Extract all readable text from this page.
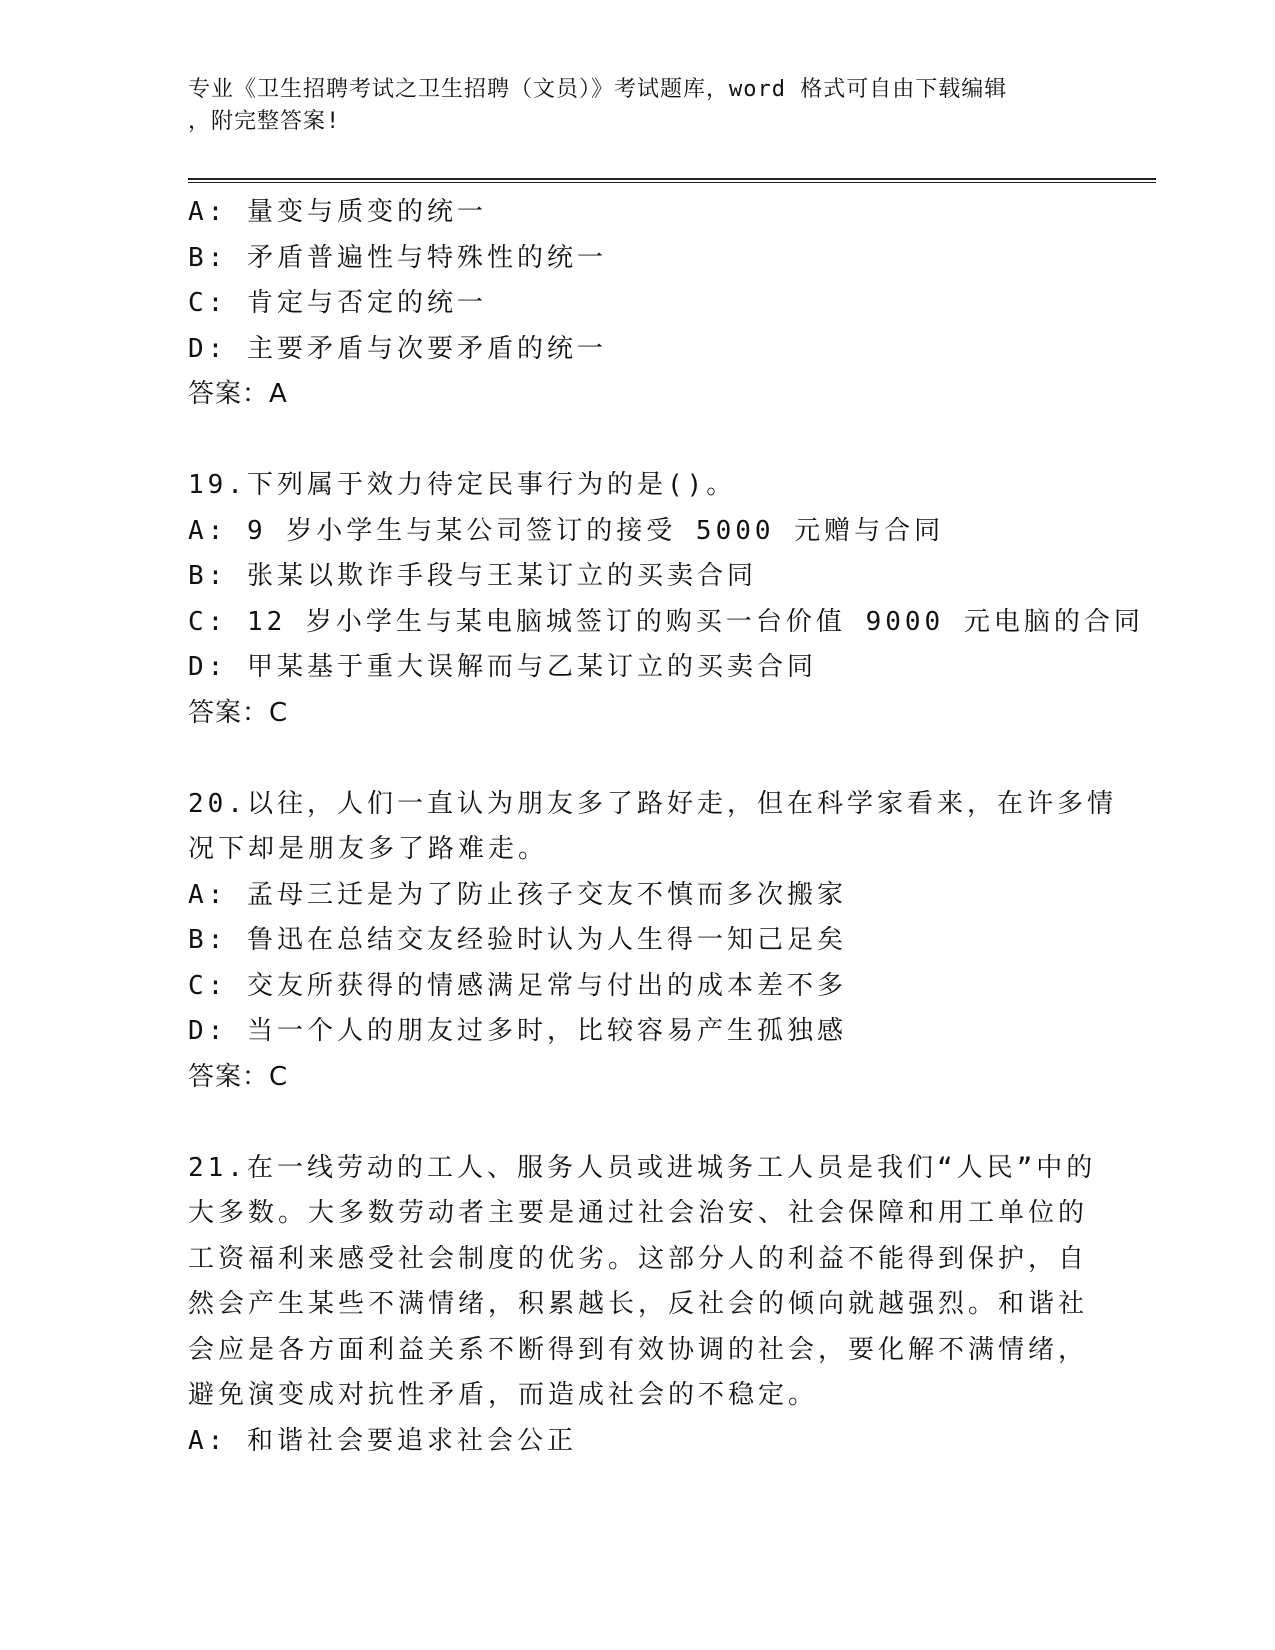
专业《卫生招聘考试之卫生招聘（文员）》考试题库，word 格式可自由下载编辑
，附完整答案!
A: 量变与质变的统一
B: 矛盾普遍性与特殊性的统一
C: 肯定与否定的统一
D: 主要矛盾与次要矛盾的统一
答案：A
19.下列属于效力待定民事行为的是()。
A: 9 岁小学生与某公司签订的接受 5000 元赠与合同
B: 张某以欺诈手段与王某订立的买卖合同
C: 12 岁小学生与某电脑城签订的购买一台价值 9000 元电脑的合同
D: 甲某基于重大误解而与乙某订立的买卖合同
答案：C
20.以往，人们一直认为朋友多了路好走，但在科学家看来，在许多情
况下却是朋友多了路难走。
A: 孟母三迁是为了防止孩子交友不慎而多次搬家
B: 鲁迅在总结交友经验时认为人生得一知己足矣
C: 交友所获得的情感满足常与付出的成本差不多
D: 当一个人的朋友过多时，比较容易产生孤独感
答案：C
21.在一线劳动的工人、服务人员或进城务工人员是我们“人民”中的
大多数。大多数劳动者主要是通过社会治安、社会保障和用工单位的
工资福利来感受社会制度的优劣。这部分人的利益不能得到保护，自
然会产生某些不满情绪，积累越长，反社会的倾向就越强烈。和谐社
会应是各方面利益关系不断得到有效协调的社会，要化解不满情绪，
避免演变成对抗性矛盾，而造成社会的不稳定。
A: 和谐社会要追求社会公正
